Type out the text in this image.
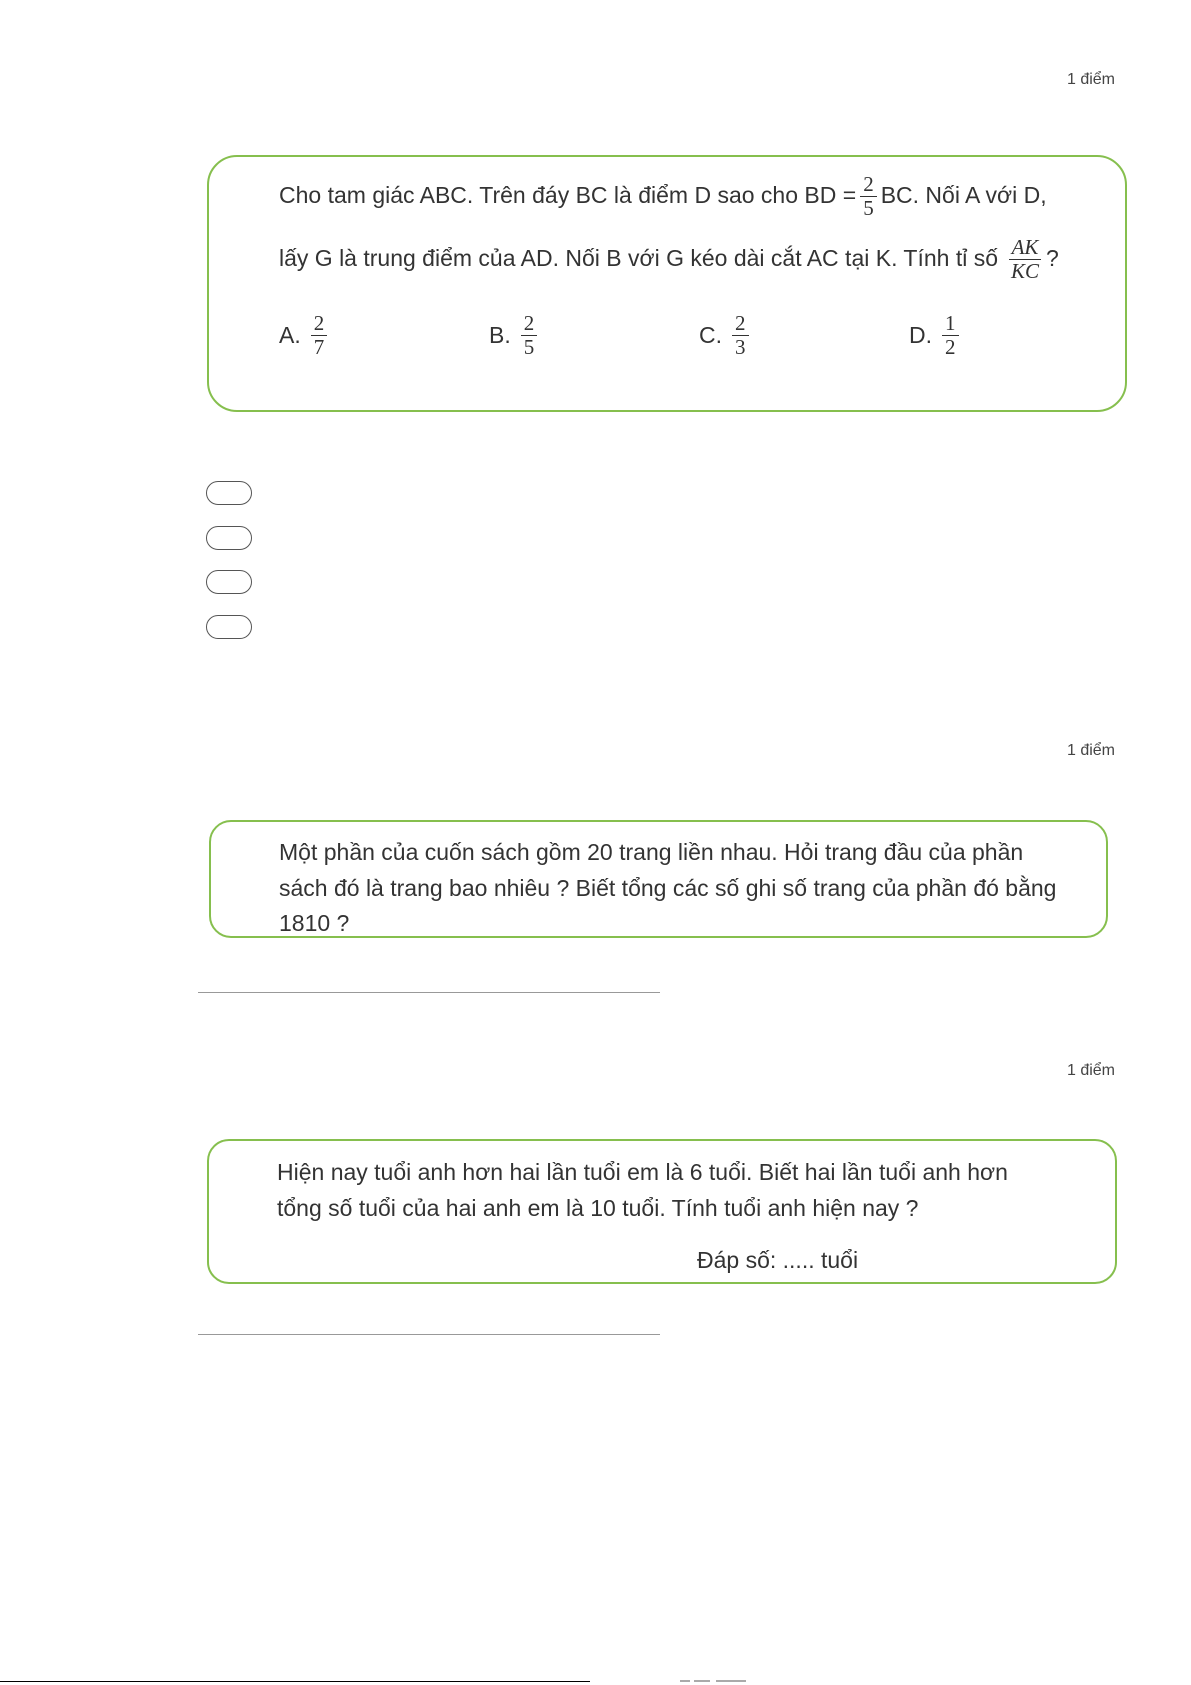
1 điểm
Cho tam giác ABC. Trên đáy BC là điểm D sao cho BD = $\frac{2}{5}$ BC. Nối A với D,
lấy G là trung điểm của AD. Nối B với G kéo dài cắt AC tại K. Tính tỉ số $\frac{AK}{KC}$ ?
A. $\frac{2}{7}$	B. $\frac{2}{5}$	C. $\frac{2}{3}$	D. $\frac{1}{2}$
1 điểm
Một phần của cuốn sách gồm 20 trang liền nhau. Hỏi trang đầu của phần
sách đó là trang bao nhiêu ? Biết tổng các số ghi số trang của phần đó bằng
1810 ?
1 điểm
Hiện nay tuổi anh hơn hai lần tuổi em là 6 tuổi. Biết hai lần tuổi anh hơn
tổng số tuổi của hai anh em là 10 tuổi. Tính tuổi anh hiện nay ?
Đáp số: ..... tuổi
